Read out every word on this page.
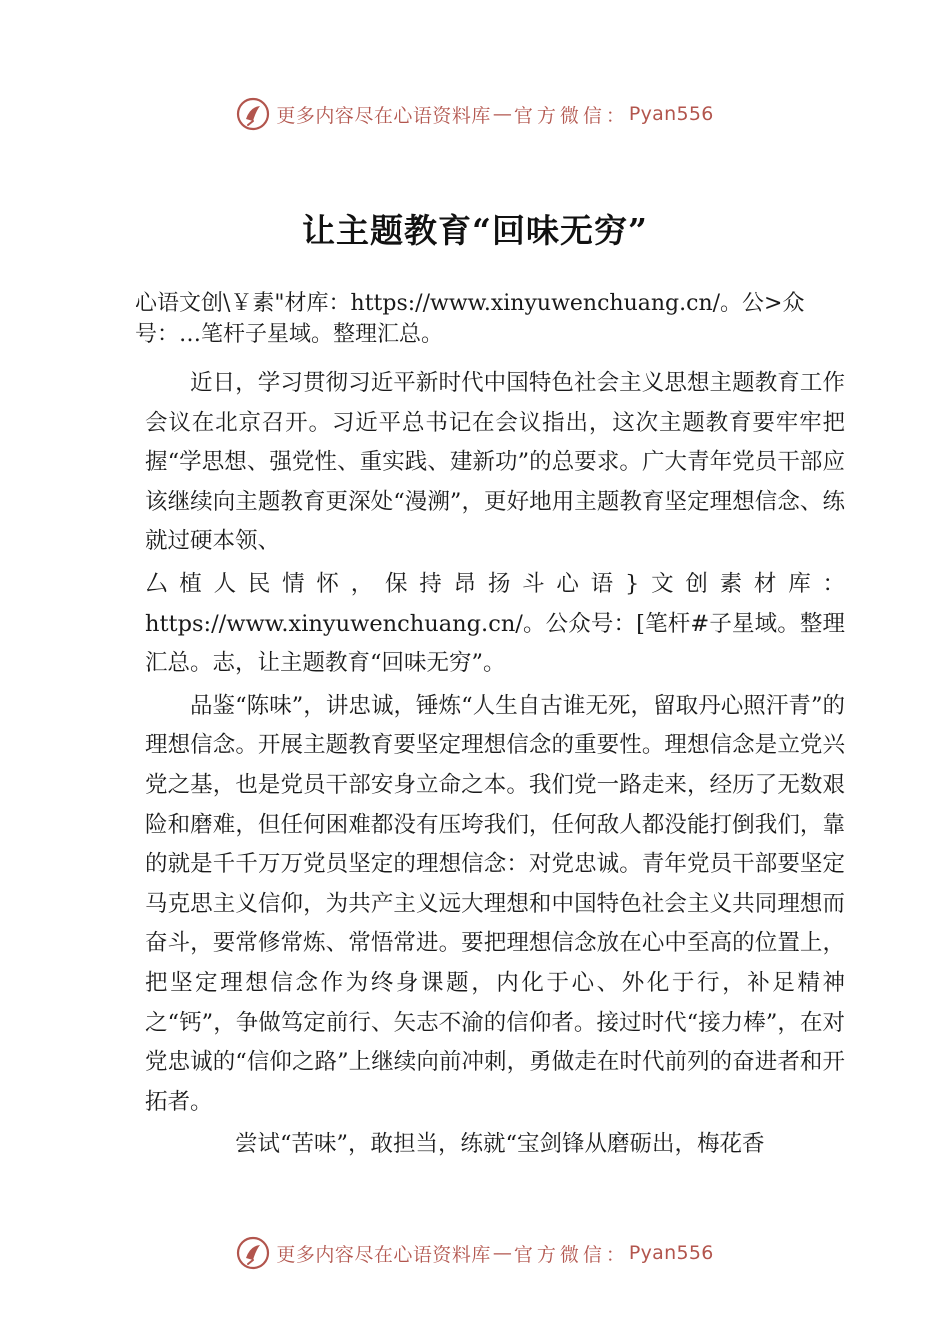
更多内容尽在心语资料库 — 官方微信： Pyan556
让主题教育“回味无穷”

心语文创\￥素"材库：https://www.xinyuwenchuang.cn/。公>众号：…笔杆子星域。整理汇总。

近日，学习贯彻习近平新时代中国特色社会主义思想主题教育工作会议在北京召开。习近平总书记在会议指出，这次主题教育要牢牢把握“学思想、强党性、重实践、建新功”的总要求。广大青年党员干部应该继续向主题教育更深处“漫溯”，更好地用主题教育坚定理想信念、练就过硬本领、

厶植人民情怀，保持昂扬斗心语}文创素材库：https://www.xinyuwenchuang.cn/。公众号：[笔杆#子星域。整理汇总。志，让主题教育“回味无穷”。

品鉴“陈味”，讲忠诚，锤炼“人生自古谁无死，留取丹心照汗青”的理想信念。开展主题教育要坚定理想信念的重要性。理想信念是立党兴党之基，也是党员干部安身立命之本。我们党一路走来，经历了无数艰险和磨难，但任何困难都没有压垮我们，任何敌人都没能打倒我们，靠的就是千千万万党员坚定的理想信念：对党忠诚。青年党员干部要坚定马克思主义信仰，为共产主义远大理想和中国特色社会主义共同理想而奋斗，要常修常炼、常悟常进。要把理想信念放在心中至高的位置上，把坚定理想信念作为终身课题，内化于心、外化于行，补足精神之“钙”，争做笃定前行、矢志不渝的信仰者。接过时代“接力棒”，在对党忠诚的“信仰之路”上继续向前冲刺，勇做走在时代前列的奋进者和开拓者。

尝试“苦味”，敢担当，练就“宝剑锋从磨砺出，梅花香

更多内容尽在心语资料库 — 官方微信： Pyan556
